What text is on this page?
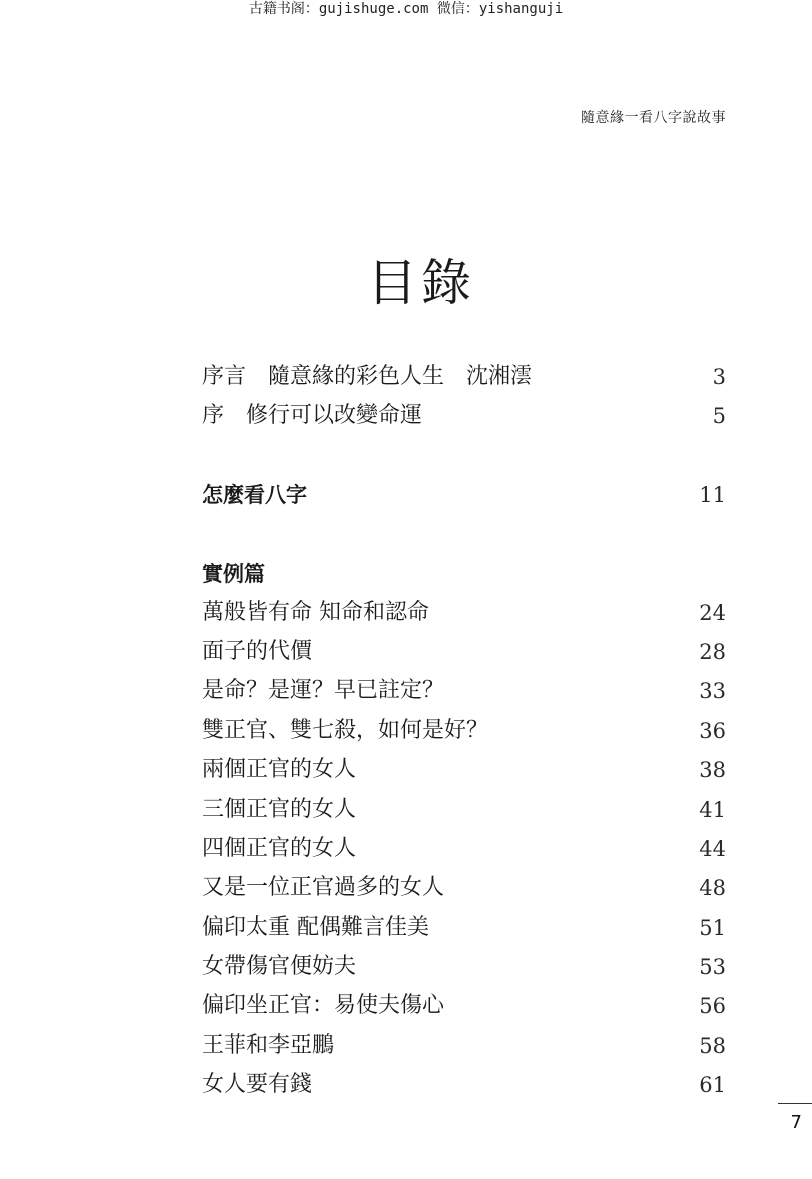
古籍书阁：gujishuge.com 微信：yishanguji
隨意緣一看八字說故事
目錄
序言　隨意緣的彩色人生　沈湘澐	3
序　修行可以改變命運	5
怎麼看八字	11
實例篇
萬般皆有命 知命和認命	24
面子的代價	28
是命？是運？早已註定？	33
雙正官、雙七殺，如何是好？	36
兩個正官的女人	38
三個正官的女人	41
四個正官的女人	44
又是一位正官過多的女人	48
偏印太重 配偶難言佳美	51
女帶傷官便妨夫	53
偏印坐正官：易使夫傷心	56
王菲和李亞鵬	58
女人要有錢	61
7
